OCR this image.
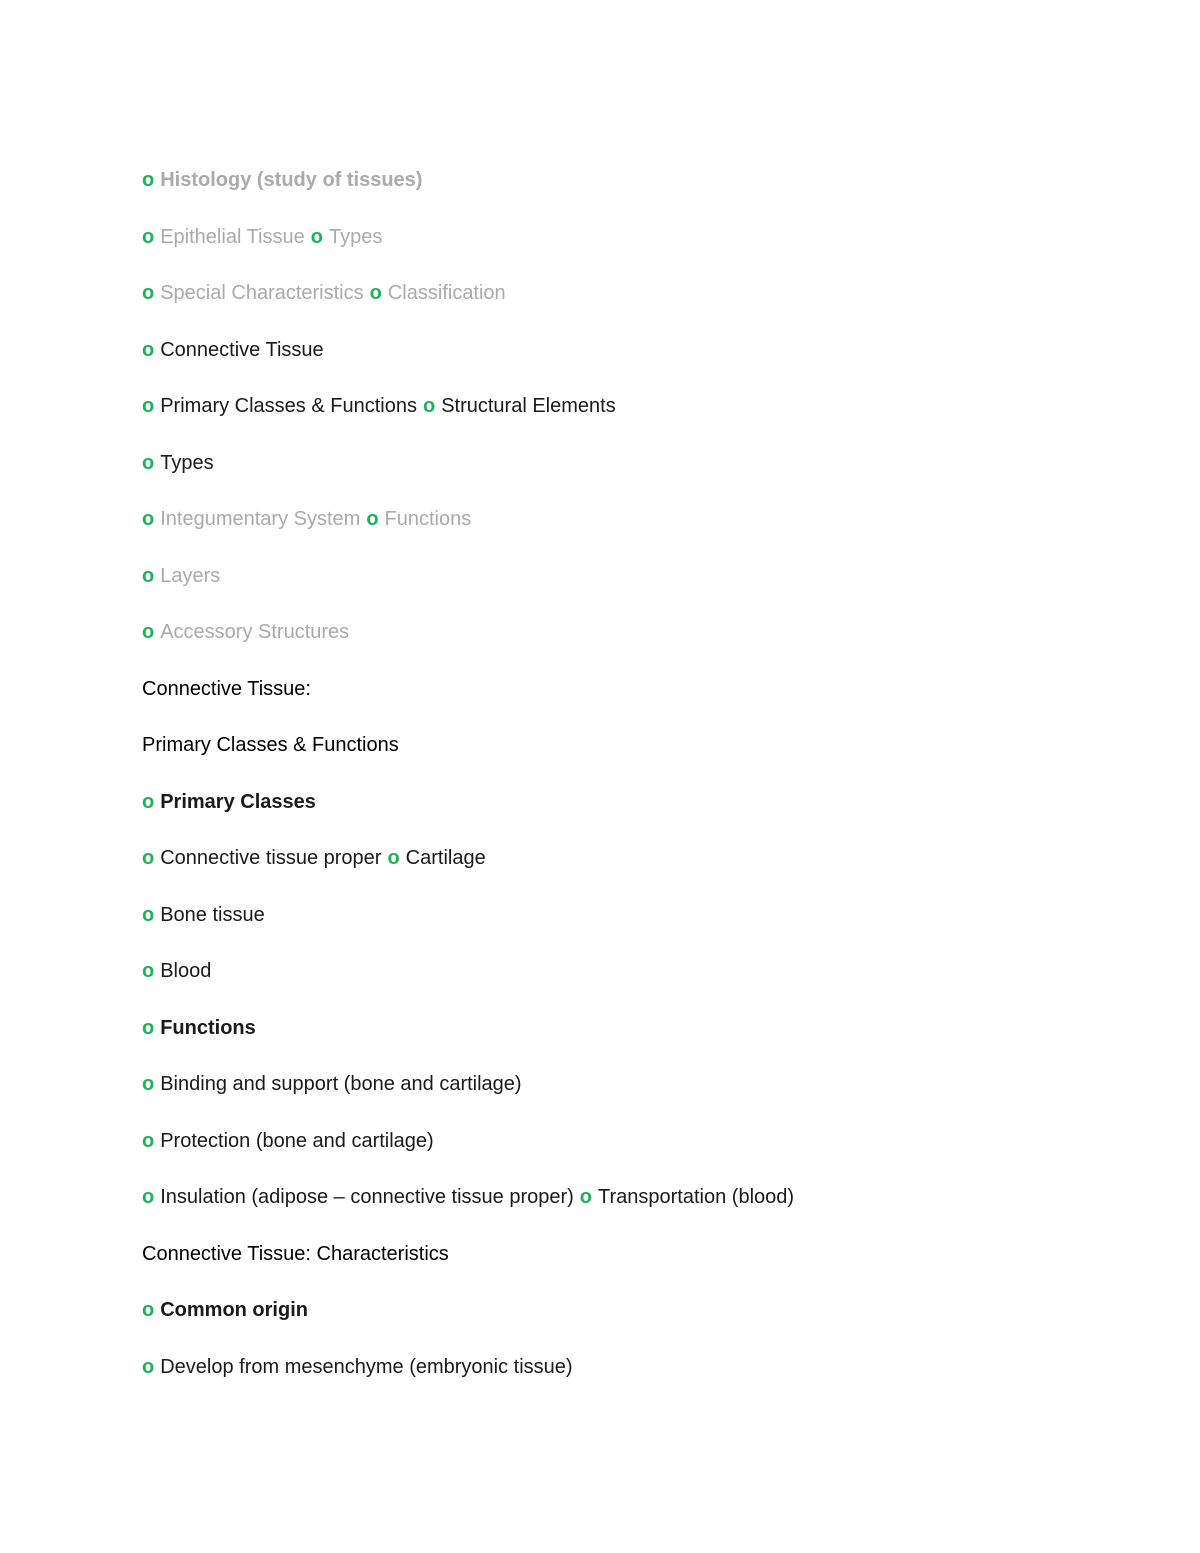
o Histology (study of tissues)
o Epithelial Tissue o Types
o Special Characteristics o Classification
o Connective Tissue
o Primary Classes & Functions o Structural Elements
o Types
o Integumentary System o Functions
o Layers
o Accessory Structures
Connective Tissue:
Primary Classes & Functions
o Primary Classes
o Connective tissue proper o Cartilage
o Bone tissue
o Blood
o Functions
o Binding and support (bone and cartilage)
o Protection (bone and cartilage)
o Insulation (adipose – connective tissue proper) o Transportation (blood)
Connective Tissue: Characteristics
o Common origin
o Develop from mesenchyme (embryonic tissue)
